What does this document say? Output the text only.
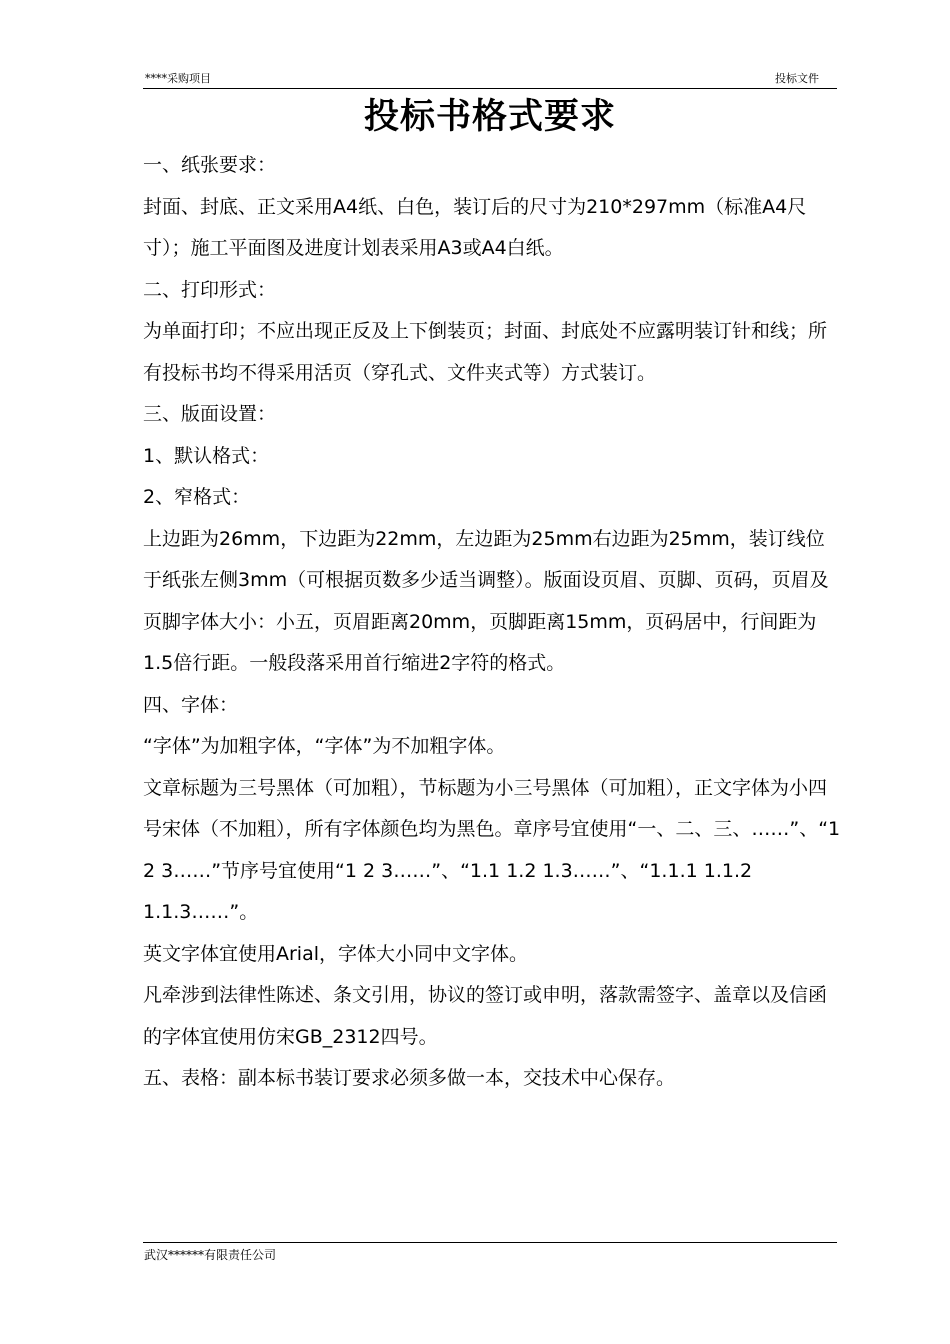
****采购项目	投标文件
投标书格式要求

一、纸张要求：

封面、封底、正文采用A4纸、白色，装订后的尺寸为210*297mm（标准A4尺寸）；施工平面图及进度计划表采用A3或A4白纸。

二、打印形式：

为单面打印；不应出现正反及上下倒装页；封面、封底处不应露明装订针和线；所有投标书均不得采用活页（穿孔式、文件夹式等）方式装订。

三、版面设置：

1、默认格式：

2、窄格式：

上边距为26mm，下边距为22mm，左边距为25mm右边距为25mm，装订线位于纸张左侧3mm（可根据页数多少适当调整）。版面设页眉、页脚、页码，页眉及页脚字体大小：小五，页眉距离20mm，页脚距离15mm，页码居中，行间距为1.5倍行距。一般段落采用首行缩进2字符的格式。

四、字体：

“字体”为加粗字体，“字体”为不加粗字体。

文章标题为三号黑体（可加粗），节标题为小三号黑体（可加粗），正文字体为小四号宋体（不加粗），所有字体颜色均为黑色。章序号宜使用“一、二、三、……”、“1 2 3……”节序号宜使用“1 2 3……”、“1.1 1.2 1.3……”、“1.1.1 1.1.2 1.1.3……”。

英文字体宜使用Arial，字体大小同中文字体。

凡牵涉到法律性陈述、条文引用，协议的签订或申明，落款需签字、盖章以及信函的字体宜使用仿宋GB_2312四号。

五、表格：副本标书装订要求必须多做一本，交技术中心保存。

武汉******有限责任公司
